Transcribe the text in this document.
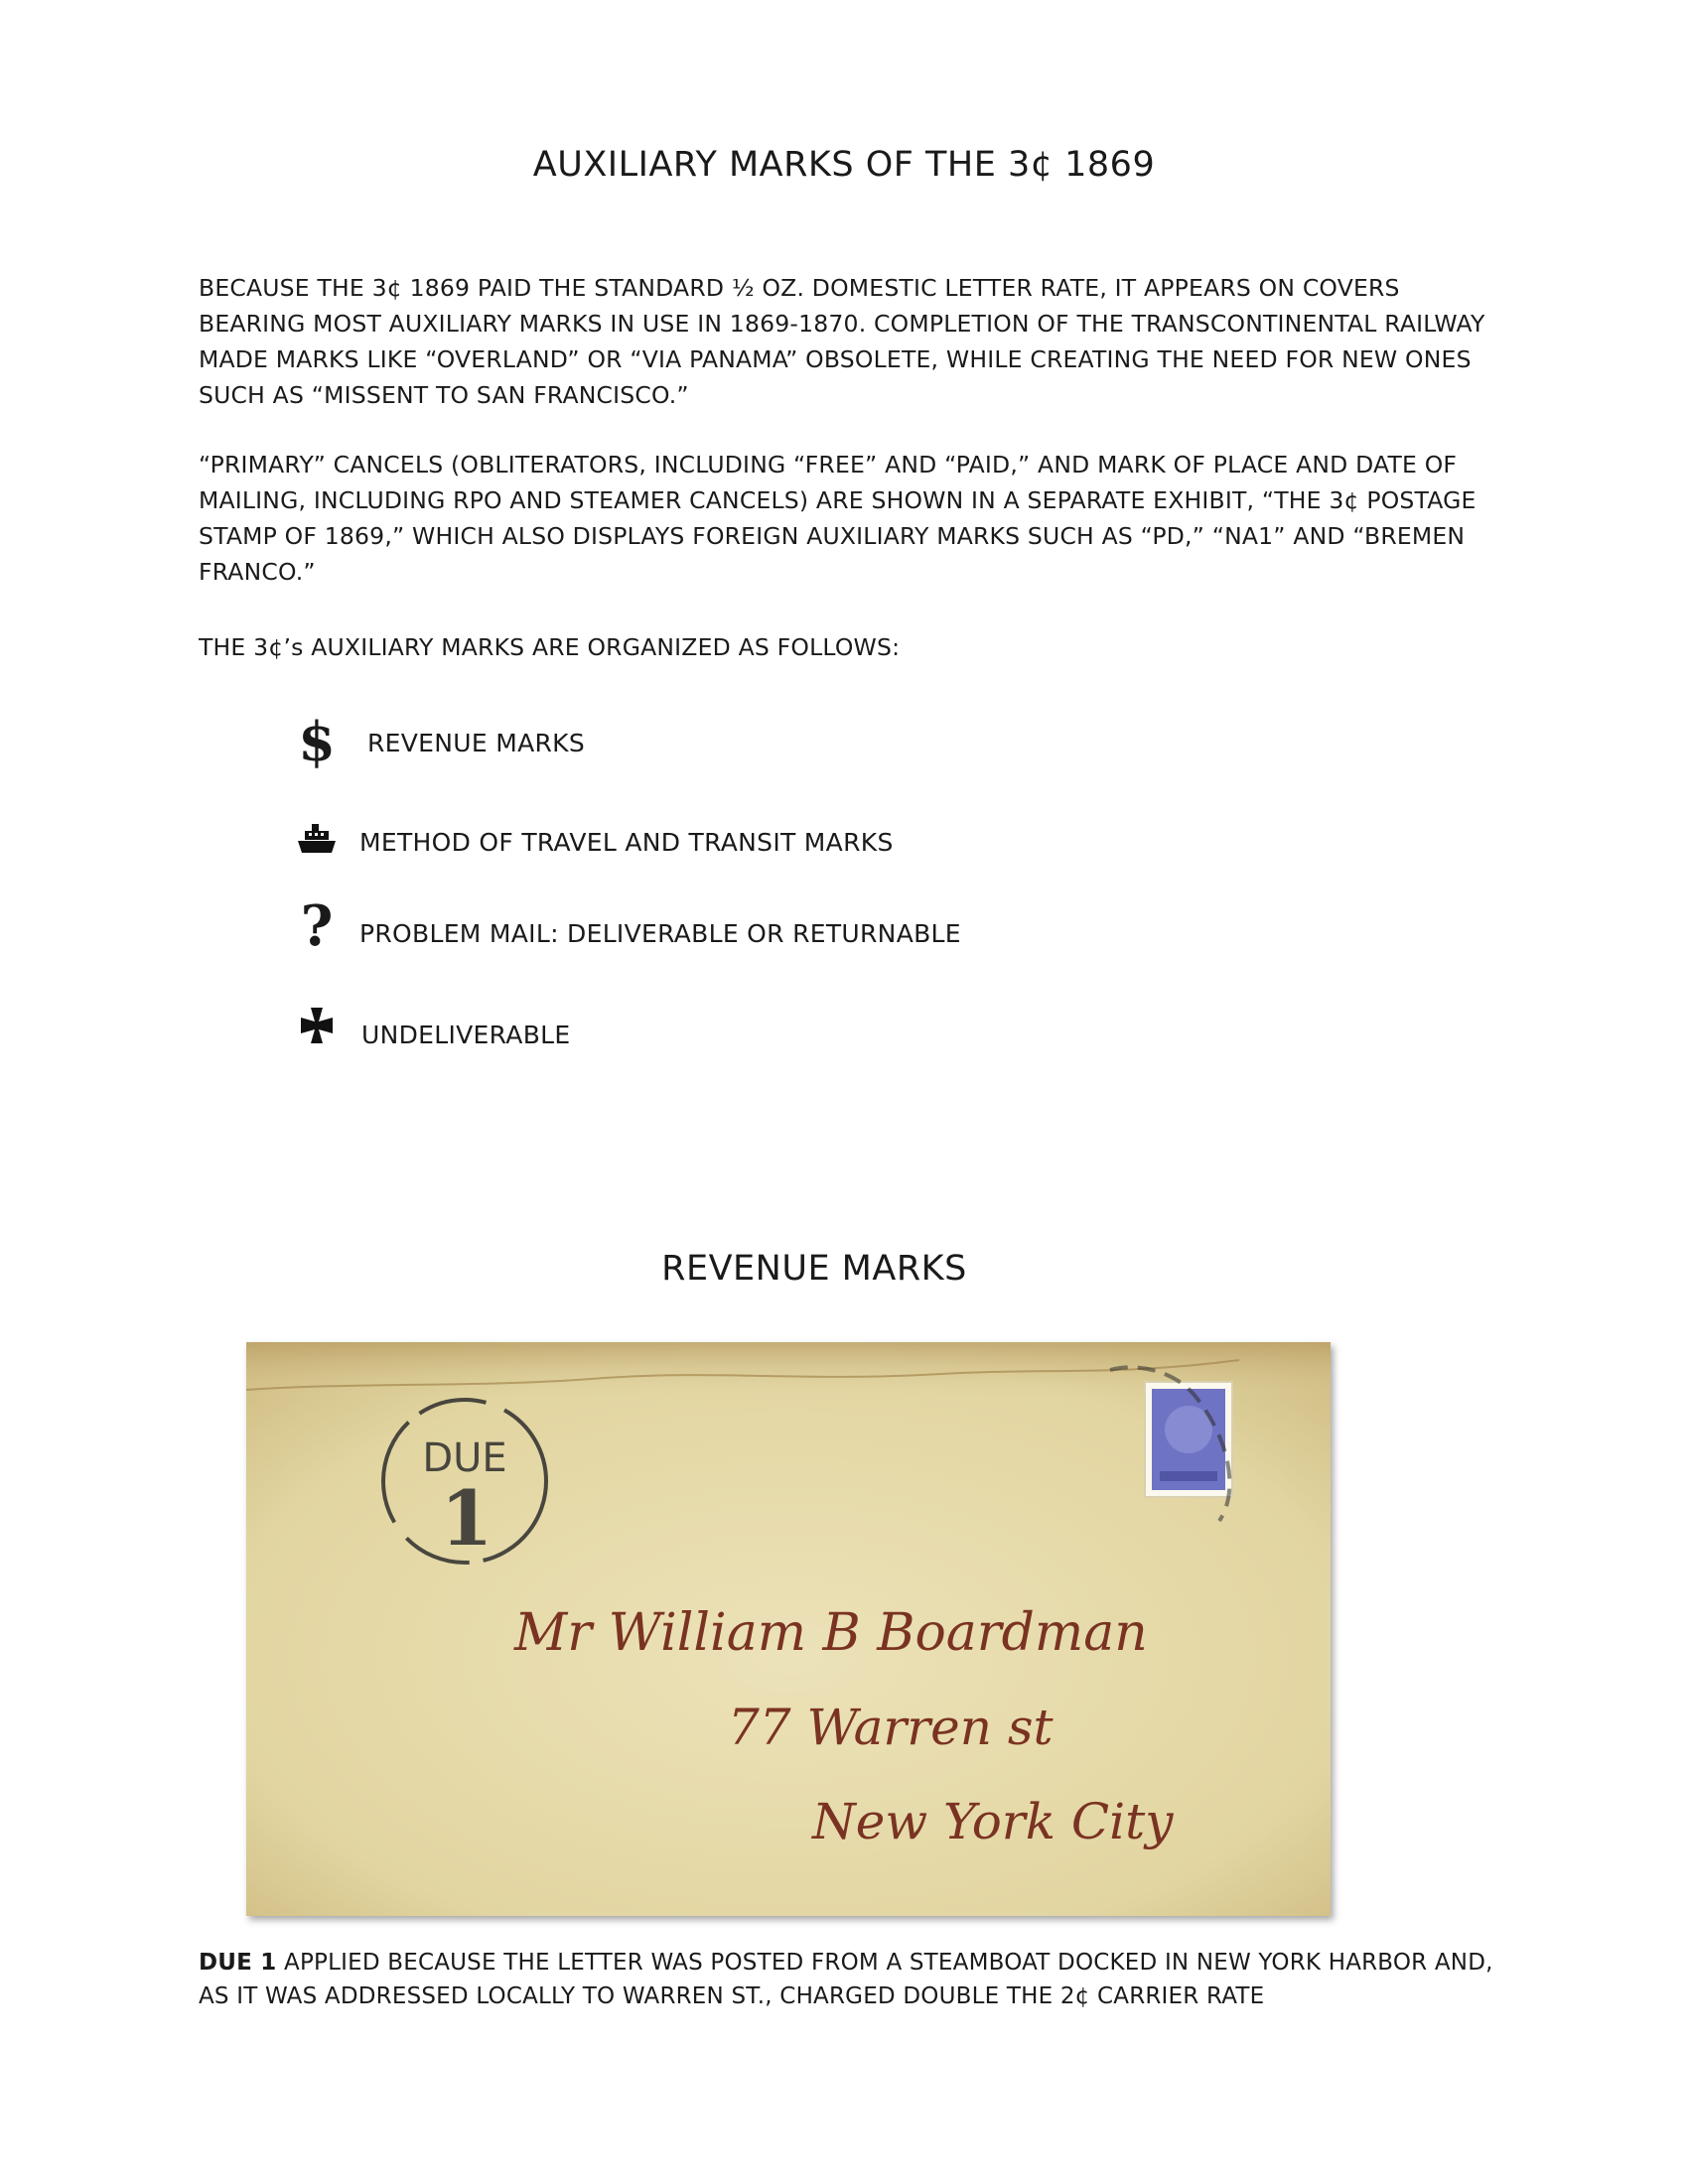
AUXILIARY MARKS OF THE 3¢ 1869

BECAUSE THE 3¢ 1869 PAID THE STANDARD ½ OZ. DOMESTIC LETTER RATE, IT APPEARS ON COVERS BEARING MOST AUXILIARY MARKS IN USE IN 1869-1870. COMPLETION OF THE TRANSCONTINENTAL RAILWAY MADE MARKS LIKE “OVERLAND” OR “VIA PANAMA” OBSOLETE, WHILE CREATING THE NEED FOR NEW ONES SUCH AS “MISSENT TO SAN FRANCISCO.”

“PRIMARY” CANCELS (OBLITERATORS, INCLUDING “FREE” AND “PAID,” AND MARK OF PLACE AND DATE OF MAILING, INCLUDING RPO AND STEAMER CANCELS) ARE SHOWN IN A SEPARATE EXHIBIT, “THE 3¢ POSTAGE STAMP OF 1869,” WHICH ALSO DISPLAYS FOREIGN AUXILIARY MARKS SUCH AS “PD,” “NA1” AND “BREMEN FRANCO.”

THE 3¢’s AUXILIARY MARKS ARE ORGANIZED AS FOLLOWS:

$ REVENUE MARKS
METHOD OF TRAVEL AND TRANSIT MARKS
? PROBLEM MAIL: DELIVERABLE OR RETURNABLE
UNDELIVERABLE
REVENUE MARKS
DUE
1
Mr William B Boardman
77 Warren st
New York City

DUE 1 APPLIED BECAUSE THE LETTER WAS POSTED FROM A STEAMBOAT DOCKED IN NEW YORK HARBOR AND, AS IT WAS ADDRESSED LOCALLY TO WARREN ST., CHARGED DOUBLE THE 2¢ CARRIER RATE
